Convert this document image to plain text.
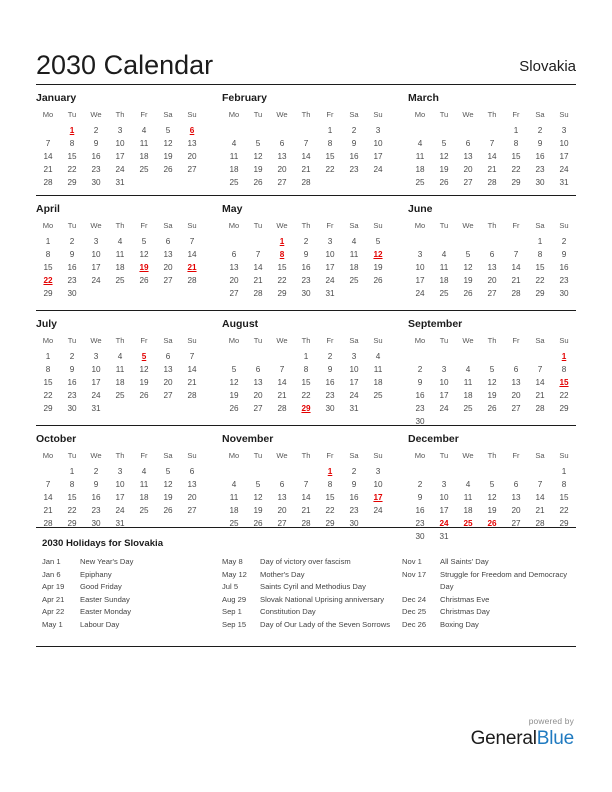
2030 Calendar	Slovakia
January
Mo	Tu	We	Th	Fr	Sa	Su
	1	2	3	4	5	6
7	8	9	10	11	12	13
14	15	16	17	18	19	20
21	22	23	24	25	26	27
28	29	30	31			
February
Mo	Tu	We	Th	Fr	Sa	Su
				1	2	3
4	5	6	7	8	9	10
11	12	13	14	15	16	17
18	19	20	21	22	23	24
25	26	27	28			
March
Mo	Tu	We	Th	Fr	Sa	Su
				1	2	3
4	5	6	7	8	9	10
11	12	13	14	15	16	17
18	19	20	21	22	23	24
25	26	27	28	29	30	31
April
Mo	Tu	We	Th	Fr	Sa	Su
1	2	3	4	5	6	7
8	9	10	11	12	13	14
15	16	17	18	19	20	21
22	23	24	25	26	27	28
29	30					
May
Mo	Tu	We	Th	Fr	Sa	Su
		1	2	3	4	5
6	7	8	9	10	11	12
13	14	15	16	17	18	19
20	21	22	23	24	25	26
27	28	29	30	31		
June
Mo	Tu	We	Th	Fr	Sa	Su
					1	2
3	4	5	6	7	8	9
10	11	12	13	14	15	16
17	18	19	20	21	22	23
24	25	26	27	28	29	30
July
Mo	Tu	We	Th	Fr	Sa	Su
1	2	3	4	5	6	7
8	9	10	11	12	13	14
15	16	17	18	19	20	21
22	23	24	25	26	27	28
29	30	31				
August
Mo	Tu	We	Th	Fr	Sa	Su
			1	2	3	4
5	6	7	8	9	10	11
12	13	14	15	16	17	18
19	20	21	22	23	24	25
26	27	28	29	30	31	
September
Mo	Tu	We	Th	Fr	Sa	Su
						1
2	3	4	5	6	7	8
9	10	11	12	13	14	15
16	17	18	19	20	21	22
23	24	25	26	27	28	29
30						
October
Mo	Tu	We	Th	Fr	Sa	Su
	1	2	3	4	5	6
7	8	9	10	11	12	13
14	15	16	17	18	19	20
21	22	23	24	25	26	27
28	29	30	31			
November
Mo	Tu	We	Th	Fr	Sa	Su
				1	2	3
4	5	6	7	8	9	10
11	12	13	14	15	16	17
18	19	20	21	22	23	24
25	26	27	28	29	30	
December
Mo	Tu	We	Th	Fr	Sa	Su
						1
2	3	4	5	6	7	8
9	10	11	12	13	14	15
16	17	18	19	20	21	22
23	24	25	26	27	28	29
30	31					
2030 Holidays for Slovakia
Jan 1	New Year's Day
Jan 6	Epiphany
Apr 19	Good Friday
Apr 21	Easter Sunday
Apr 22	Easter Monday
May 1	Labour Day
May 8	Day of victory over fascism
May 12	Mother's Day
Jul 5	Saints Cyril and Methodius Day
Aug 29	Slovak National Uprising anniversary
Sep 1	Constitution Day
Sep 15	Day of Our Lady of the Seven Sorrows
Nov 1	All Saints' Day
Nov 17	Struggle for Freedom and Democracy Day
Dec 24	Christmas Eve
Dec 25	Christmas Day
Dec 26	Boxing Day
powered by
GeneralBlue
